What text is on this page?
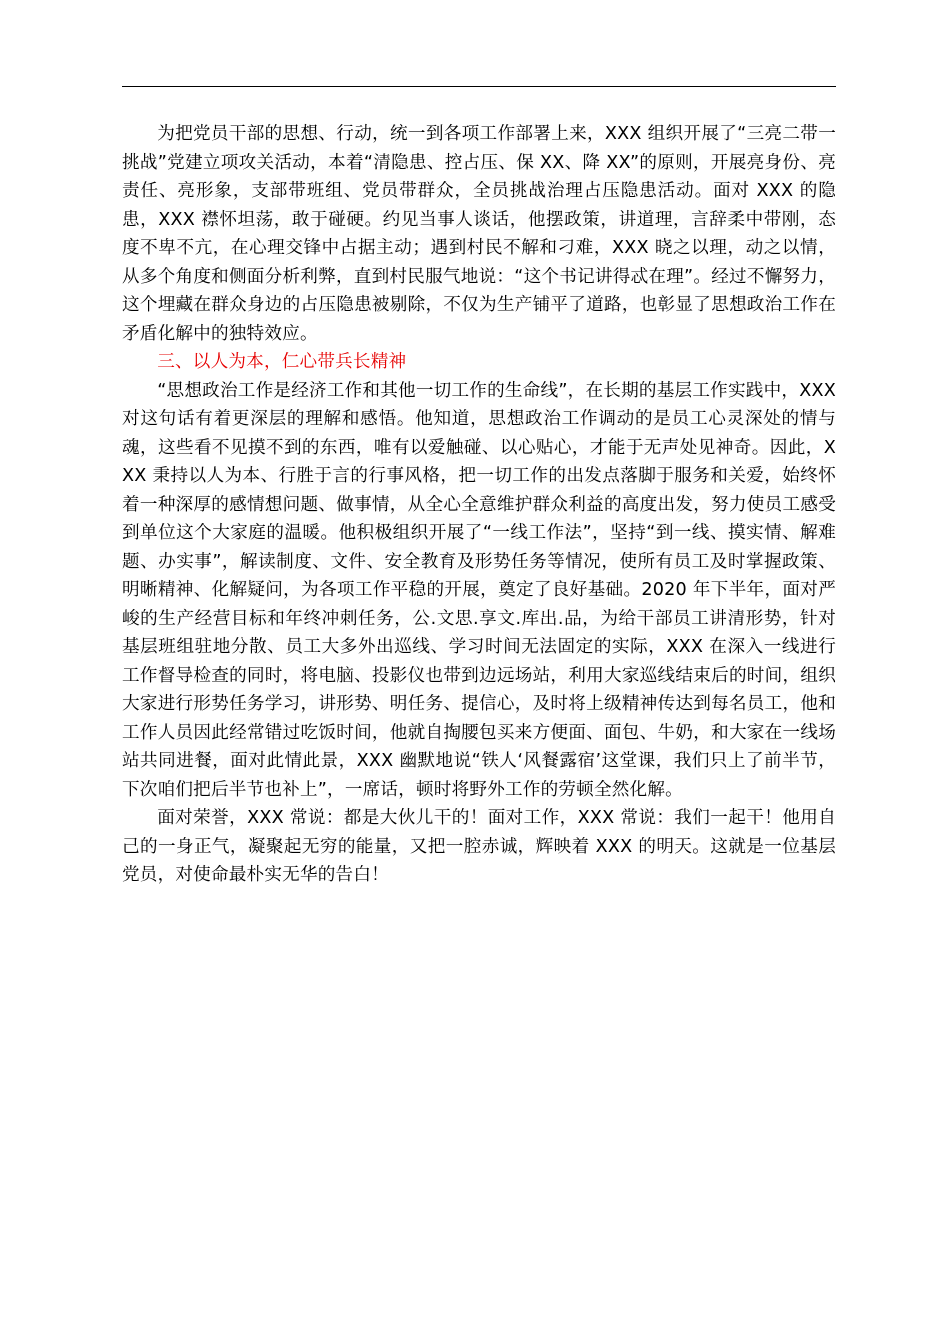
为把党员干部的思想、行动，统一到各项工作部署上来，XXX 组织开展了“三亮二带一挑战”党建立项攻关活动，本着“清隐患、控占压、保 XX、降 XX”的原则，开展亮身份、亮责任、亮形象，支部带班组、党员带群众，全员挑战治理占压隐患活动。面对 XXX 的隐患，XXX 襟怀坦荡，敢于碰硬。约见当事人谈话，他摆政策，讲道理，言辞柔中带刚，态度不卑不亢，在心理交锋中占据主动；遇到村民不解和刁难，XXX 晓之以理，动之以情，从多个角度和侧面分析利弊，直到村民服气地说：“这个书记讲得忒在理”。经过不懈努力，这个埋藏在群众身边的占压隐患被剔除，不仅为生产铺平了道路，也彰显了思想政治工作在矛盾化解中的独特效应。

三、以人为本，仁心带兵长精神

“思想政治工作是经济工作和其他一切工作的生命线”，在长期的基层工作实践中，XXX 对这句话有着更深层的理解和感悟。他知道，思想政治工作调动的是员工心灵深处的情与魂，这些看不见摸不到的东西，唯有以爱触碰、以心贴心，才能于无声处见神奇。因此，XXX 秉持以人为本、行胜于言的行事风格，把一切工作的出发点落脚于服务和关爱，始终怀着一种深厚的感情想问题、做事情，从全心全意维护群众利益的高度出发，努力使员工感受到单位这个大家庭的温暖。他积极组织开展了“一线工作法”，坚持“到一线、摸实情、解难题、办实事”，解读制度、文件、安全教育及形势任务等情况，使所有员工及时掌握政策、明晰精神、化解疑问，为各项工作平稳的开展，奠定了良好基础。2020 年下半年，面对严峻的生产经营目标和年终冲刺任务，公.文思.享文.库出.品，为给干部员工讲清形势，针对基层班组驻地分散、员工大多外出巡线、学习时间无法固定的实际，XXX 在深入一线进行工作督导检查的同时，将电脑、投影仪也带到边远场站，利用大家巡线结束后的时间，组织大家进行形势任务学习，讲形势、明任务、提信心，及时将上级精神传达到每名员工，他和工作人员因此经常错过吃饭时间，他就自掏腰包买来方便面、面包、牛奶，和大家在一线场站共同进餐，面对此情此景，XXX 幽默地说“铁人‘风餐露宿’这堂课，我们只上了前半节，下次咱们把后半节也补上”，一席话，顿时将野外工作的劳顿全然化解。

面对荣誉，XXX 常说：都是大伙儿干的！面对工作，XXX 常说：我们一起干！他用自己的一身正气，凝聚起无穷的能量，又把一腔赤诚，辉映着 XXX 的明天。这就是一位基层党员，对使命最朴实无华的告白！
